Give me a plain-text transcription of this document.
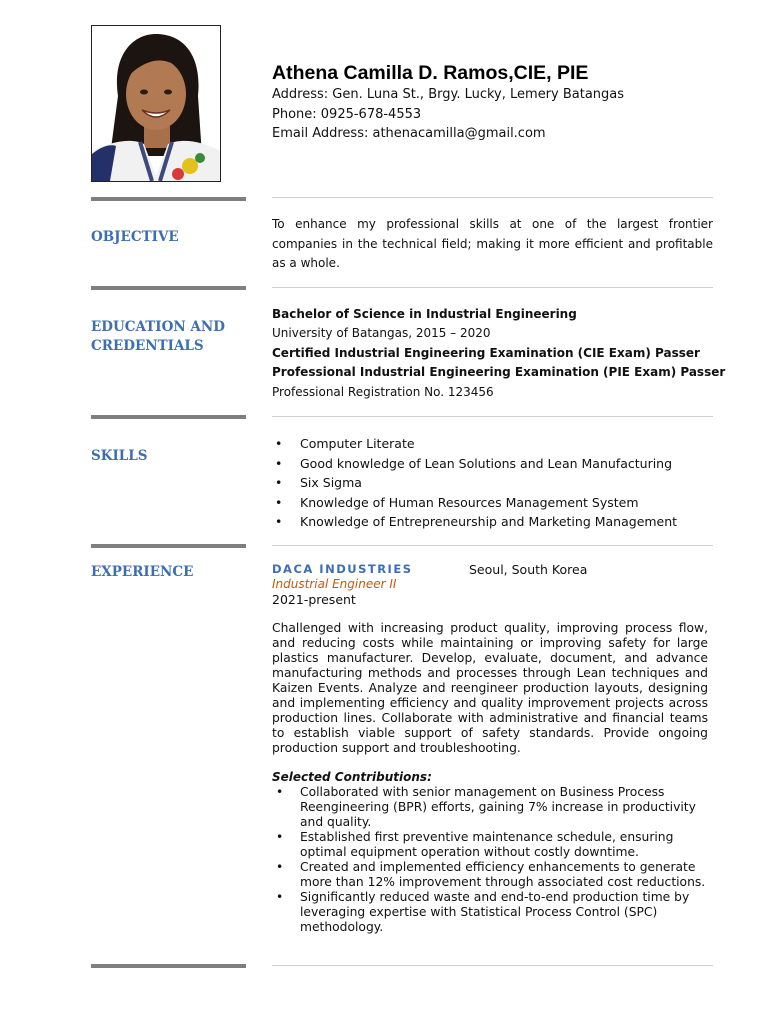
Athena Camilla D. Ramos,CIE, PIE
Address: Gen. Luna St., Brgy. Lucky, Lemery Batangas
Phone: 0925-678-4553
Email Address: athenacamilla@gmail.com
OBJECTIVE
To enhance my professional skills at one of the largest frontier companies in the technical field; making it more efficient and profitable as a whole.
EDUCATION AND CREDENTIALS
Bachelor of Science in Industrial Engineering
University of Batangas, 2015 – 2020
Certified Industrial Engineering Examination (CIE Exam) Passer
Professional Industrial Engineering Examination (PIE Exam) Passer
Professional Registration No. 123456
SKILLS
• Computer Literate
• Good knowledge of Lean Solutions and Lean Manufacturing
• Six Sigma
• Knowledge of Human Resources Management System
• Knowledge of Entrepreneurship and Marketing Management
EXPERIENCE	DACA INDUSTRIES	Seoul, South Korea
Industrial Engineer II
2021-present
Challenged with increasing product quality, improving process flow, and reducing costs while maintaining or improving safety for large plastics manufacturer. Develop, evaluate, document, and advance manufacturing methods and processes through Lean techniques and Kaizen Events. Analyze and reengineer production layouts, designing and implementing efficiency and quality improvement projects across production lines. Collaborate with administrative and financial teams to establish viable support of safety standards. Provide ongoing production support and troubleshooting.
Selected Contributions:
• Collaborated with senior management on Business Process Reengineering (BPR) efforts, gaining 7% increase in productivity and quality.
• Established first preventive maintenance schedule, ensuring optimal equipment operation without costly downtime.
• Created and implemented efficiency enhancements to generate more than 12% improvement through associated cost reductions.
• Significantly reduced waste and end-to-end production time by leveraging expertise with Statistical Process Control (SPC) methodology.
